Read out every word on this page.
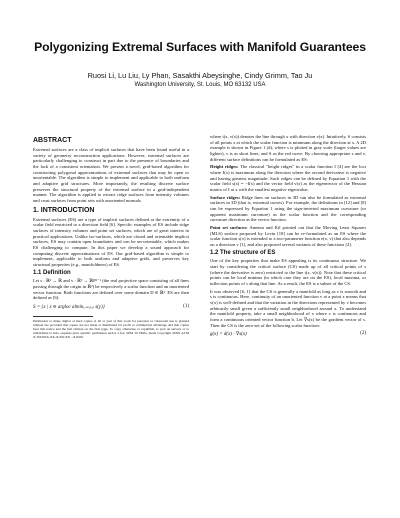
Polygonizing Extremal Surfaces with Manifold Guarantees
Ruosi Li, Lu Liu, Ly Phan, Sasakthi Abeysinghe, Cindy Grimm, Tao Ju
Washington University, St. Louis, MO 63132 USA
ABSTRACT

Extremal surfaces are a class of implicit surfaces that have been found useful in a variety of geometry reconstruction applications. However, extremal surfaces are particularly challenging to construct in part due to the presence of boundaries and the lack of a consistent orientation. We present a novel, grid-based algorithm for constructing polygonal approximations of extremal surfaces that may be open or unorientable. The algorithm is simple to implement and applicable to both uniform and adaptive grid structures. More importantly, the resulting discrete surface preserves the structural property of the extremal surface in a grid-independent manner. The algorithm is applied to extract ridge surfaces from intensity volumes and crust surfaces from point sets with unoriented normals.

1. INTRODUCTION

Extremal surfaces (ES) are a type of implicit surfaces defined at the extremity of a scalar field restricted to a direction field [6]. Specific examples of ES include ridge surfaces of intensity volumes and point set surfaces, which are of great interest in practical applications. Unlike iso-surfaces, which are closed and orientable implicit surfaces, ES may contain open boundaries and can be un-orientable, which makes ES challenging to compute. In this paper we develop a sound approach for computing discrete approximations of ES. Our grid-based algorithm is simple to implement, applicable to both uniform and adaptive grids, and preserves key structural properties (e.g., manifoldness) of ES.

1.1 Definition

Let s : ℝ³ → ℝ and v : ℝ³ → ℝP³⁻¹ (the real projective space consisting of all lines passing through the origin in ℝ³) be respectively a scalar function and an unoriented vector function. Both functions are defined over some domain D ∈ ℝ³. ES are then defined as [6]:

S = {x | x ∈ argloc alminₓ₊ₜᵥ₍ₓ₎ s(y)}	(1)

Permission to make digital or hard copies of all or part of this work for personal or classroom use is granted without fee provided that copies are not made or distributed for profit or commercial advantage and that copies bear this notice and the full citation on the first page. To copy otherwise, to republish, to post on servers or to redistribute to lists, requires prior specific permission and/or a fee. SPM '10 Haifa, Israel Copyright 20XX ACM X-XXXXX-XX-X/XX/XX ...$10.00.

where t(x, v(x)) denotes the line through x with direction v(x). Intuitively, S consists of all points x at which the scalar function is minimum along the direction at x. A 2D example is shown in Figure 1 (d), where s is plotted in gray scale (larger values are lighter), v is as short lines, and S as the red curve. By choosing appropriate s and v, different surface definitions can be formulated as ES:

Height ridges: The classical "height ridges" in a scalar function I [4] are the loci where I(x) is maximum along the direction where the second derivative is negative and having greatest magnitude. Such ridges can be defined by Equation 1 with the scalar field s(x) = −I(x) and the vector field v(x) as the eigenvector of the Hessian matrix of I at x with the smallest negative eigenvalue.

Surface ridges: Ridge lines on surfaces in 3D can also be formulated as extremal surfaces in 3D (that is, extremal curves). For example, the definitions in [12] and [8] can be expressed by Equation 1 using the sign-inverted maximum curvature (or apparent maximum curvature) as the scalar function and the corresponding curvature direction as the vector function.

Point set surfaces: Amenta and Kil pointed out that the Moving Least Squares (MLS) surface proposed by Levin [10] can be re-formulated as an ES where the scalar function s(x) is extended to a two-parameter function e(x, v) that also depends on a direction v [1], and also proposed several variants of these functions [2].

1.2 The structure of ES

One of the key properties that make ES appealing is its continuous structure. We start by considering the critical surface (CS) made up of all critical points of s (where the derivative is zero) restricted to the line t(x, v(x)). Note that these critical points can be local minima (in which case they are on the ES), local maxima, or inflection points of s along that line. As a result, the ES is a subset of the CS.

It was observed [6, 1] that the CS is generally a manifold as long as v is smooth and s is continuous. Here, continuity of an unoriented function v at a point x means that v(x) is well-defined and that the variation in the directions represented by v becomes arbitrarily small given a sufficiently small neighborhood around x. To understand the manifold property, take a small neighborhood of x where v is continuous and form a continuous oriented vector function h. Let ∇s(x) be the gradient vector of s. Then the CS is the zero-set of the following scalar function:

g(x) = d(x) · ∇s(x)	(2)
